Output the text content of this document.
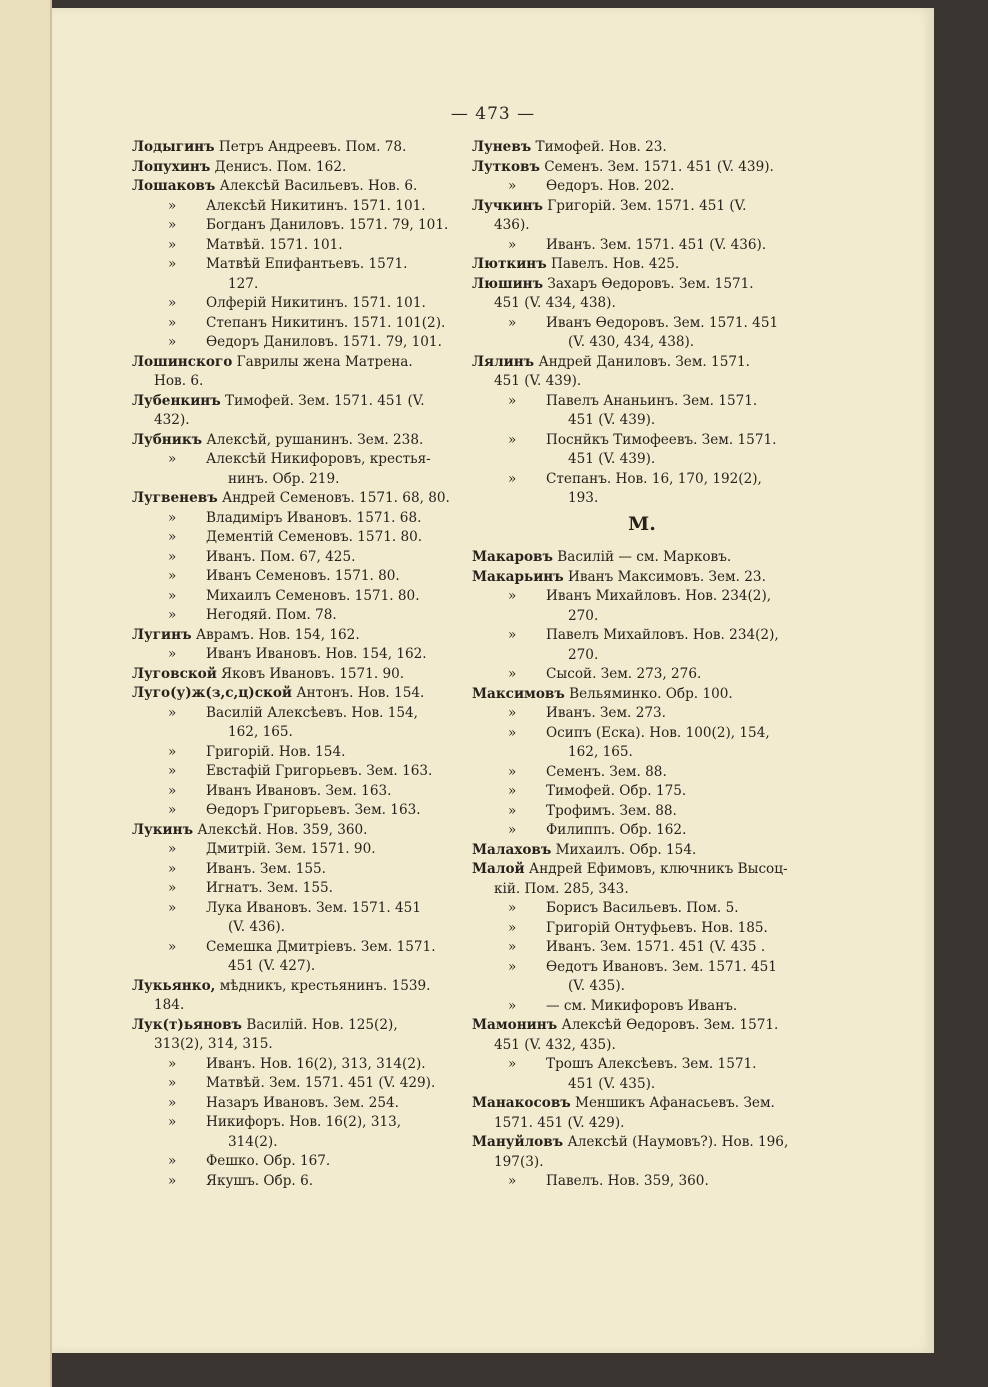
— 473 —
Лодыгинъ Петръ Андреевъ. Пом. 78.
Лопухинъ Денисъ. Пом. 162.
Лошаковъ Алексѣй Васильевъ. Нов. 6.
» Алексѣй Никитинъ. 1571. 101.
» Богданъ Даниловъ. 1571. 79, 101.
» Матвѣй. 1571. 101.
» Матвѣй Епифантьевъ. 1571.
127.
» Олферій Никитинъ. 1571. 101.
» Степанъ Никитинъ. 1571. 101(2).
» Ѳедоръ Даниловъ. 1571. 79, 101.
Лошинского Гаврилы жена Матрена.
Нов. 6.
Лубенкинъ Тимофей. Зем. 1571. 451 (V.
432).
Лубникъ Алексѣй, рушанинъ. Зем. 238.
» Алексѣй Никифоровъ, крестья-
нинъ. Обр. 219.
Лугвеневъ Андрей Семеновъ. 1571. 68, 80.
» Владиміръ Ивановъ. 1571. 68.
» Дементій Семеновъ. 1571. 80.
» Иванъ. Пом. 67, 425.
» Иванъ Семеновъ. 1571. 80.
» Михаилъ Семеновъ. 1571. 80.
» Негодяй. Пом. 78.
Лугинъ Аврамъ. Нов. 154, 162.
» Иванъ Ивановъ. Нов. 154, 162.
Луговской Яковъ Ивановъ. 1571. 90.
Луго(у)ж(з,с,ц)ской Антонъ. Нов. 154.
» Василій Алексѣевъ. Нов. 154,
162, 165.
» Григорій. Нов. 154.
» Евстафій Григорьевъ. Зем. 163.
» Иванъ Ивановъ. Зем. 163.
» Ѳедоръ Григорьевъ. Зем. 163.
Лукинъ Алексѣй. Нов. 359, 360.
» Дмитрій. Зем. 1571. 90.
» Иванъ. Зем. 155.
» Игнатъ. Зем. 155.
» Лука Ивановъ. Зем. 1571. 451
(V. 436).
» Семешка Дмитріевъ. Зем. 1571.
451 (V. 427).
Лукьянко, мѣдникъ, крестьянинъ. 1539.
184.
Лук(т)ьяновъ Василій. Нов. 125(2),
313(2), 314, 315.
» Иванъ. Нов. 16(2), 313, 314(2).
» Матвѣй. Зем. 1571. 451 (V. 429).
» Назаръ Ивановъ. Зем. 254.
» Никифоръ. Нов. 16(2), 313,
314(2).
» Фешко. Обр. 167.
» Якушъ. Обр. 6.
Луневъ Тимофей. Нов. 23.
Лутковъ Семенъ. Зем. 1571. 451 (V. 439).
» Ѳедоръ. Нов. 202.
Лучкинъ Григорій. Зем. 1571. 451 (V.
436).
» Иванъ. Зем. 1571. 451 (V. 436).
Люткинъ Павелъ. Нов. 425.
Люшинъ Захаръ Ѳедоровъ. Зем. 1571.
451 (V. 434, 438).
» Иванъ Ѳедоровъ. Зем. 1571. 451
(V. 430, 434, 438).
Лялинъ Андрей Даниловъ. Зем. 1571.
451 (V. 439).
» Павелъ Ананьинъ. Зем. 1571.
451 (V. 439).
» Поснйкъ Тимофеевъ. Зем. 1571.
451 (V. 439).
» Степанъ. Нов. 16, 170, 192(2),
193.
М.
Макаровъ Василій — см. Марковъ.
Макарьинъ Иванъ Максимовъ. Зем. 23.
» Иванъ Михайловъ. Нов. 234(2),
270.
» Павелъ Михайловъ. Нов. 234(2),
270.
» Сысой. Зем. 273, 276.
Максимовъ Вельяминко. Обр. 100.
» Иванъ. Зем. 273.
» Осипъ (Еска). Нов. 100(2), 154,
162, 165.
» Семенъ. Зем. 88.
» Тимофей. Обр. 175.
» Трофимъ. Зем. 88.
» Филиппъ. Обр. 162.
Малаховъ Михаилъ. Обр. 154.
Малой Андрей Ефимовъ, ключникъ Высоц-
кій. Пом. 285, 343.
» Борисъ Васильевъ. Пом. 5.
» Григорій Онтуфьевъ. Нов. 185.
» Иванъ. Зем. 1571. 451 (V. 435 .
» Ѳедотъ Ивановъ. Зем. 1571. 451
(V. 435).
» — см. Микифоровъ Иванъ.
Мамонинъ Алексѣй Ѳедоровъ. Зем. 1571.
451 (V. 432, 435).
» Трошъ Алексѣевъ. Зем. 1571.
451 (V. 435).
Манакосовъ Меншикъ Афанасьевъ. Зем.
1571. 451 (V. 429).
Мануйловъ Алексѣй (Наумовъ?). Нов. 196,
197(3).
» Павелъ. Нов. 359, 360.
